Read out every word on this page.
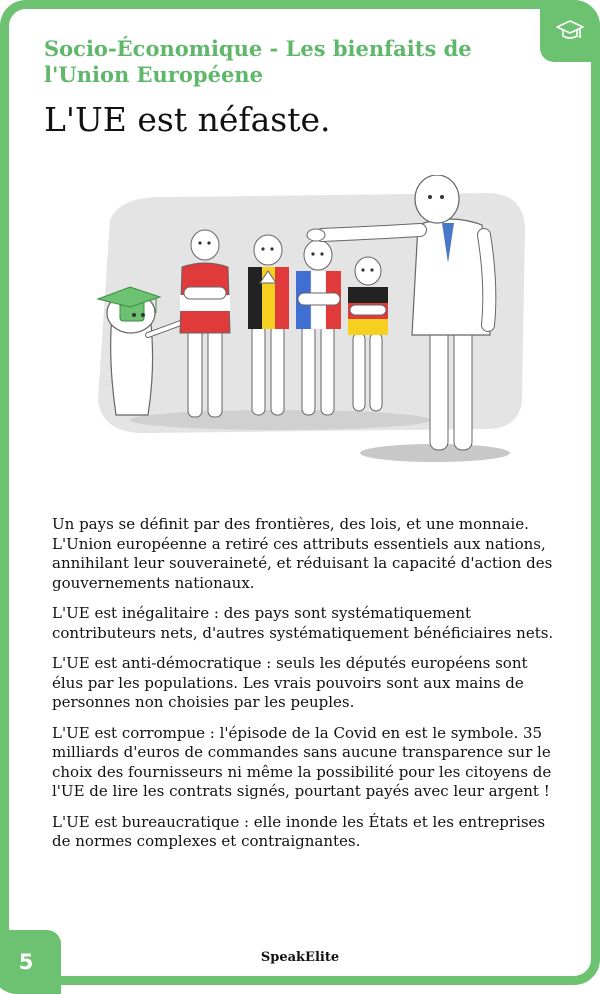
Socio-Économique - Les bienfaits de l'Union Européene
L'UE est néfaste.

Un pays se définit par des frontières, des lois, et une monnaie. L'Union européenne a retiré ces attributs essentiels aux nations, annihilant leur souveraineté, et réduisant la capacité d'action des gouvernements nationaux.

L'UE est inégalitaire : des pays sont systématiquement contributeurs nets, d'autres systématiquement bénéficiaires nets.

L'UE est anti-démocratique : seuls les députés européens sont élus par les populations. Les vrais pouvoirs sont aux mains de personnes non choisies par les peuples.

L'UE est corrompue : l'épisode de la Covid en est le symbole. 35 milliards d'euros de commandes sans aucune transparence sur le choix des fournisseurs ni même la possibilité pour les citoyens de l'UE de lire les contrats signés, pourtant payés avec leur argent !

L'UE est bureaucratique : elle inonde les États et les entreprises de normes complexes et contraignantes.

5	SpeakElite
